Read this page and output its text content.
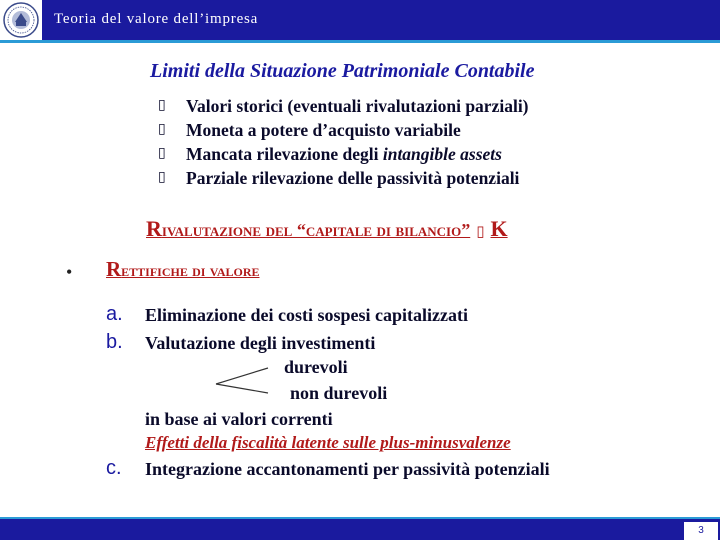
Teoria del valore dell’impresa
Limiti della Situazione Patrimoniale Contabile
▯ Valori storici (eventuali rivalutazioni parziali)
▯ Moneta a potere d’acquisto variabile
▯ Mancata rilevazione degli intangible assets
▯ Parziale rilevazione delle passività potenziali
Rivalutazione del “capitale di bilancio” ▯ K
• Rettifiche di valore
a. Eliminazione dei costi sospesi capitalizzati
b. Valutazione degli investimenti
durevoli
non durevoli
in base ai valori correnti
Effetti della fiscalità latente sulle plus-minusvalenze
c. Integrazione accantonamenti per passività potenziali
3
